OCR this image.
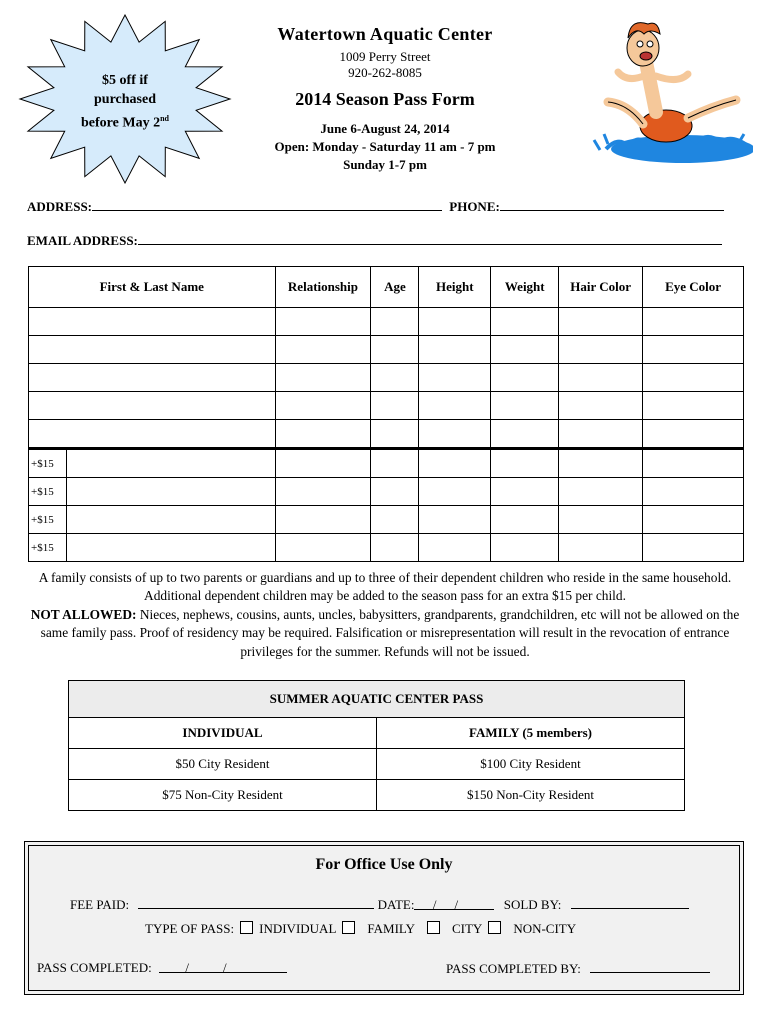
$5 off if
purchased
before May 2nd
Watertown Aquatic Center
1009 Perry Street
920-262-8085
2014 Season Pass Form
June 6-August 24, 2014
Open: Monday - Saturday 11 am - 7 pm
Sunday 1-7 pm
ADDRESS:	PHONE:
EMAIL ADDRESS:
First & Last Name		Relationship	Age	Height	Weight	Hair Color	Eye Color

+$15							
+$15							
+$15							
+$15							
A family consists of up to two parents or guardians and up to three of their dependent children who reside in the same household. Additional dependent children may be added to the season pass for an extra $15 per child.
NOT ALLOWED: Nieces, nephews, cousins, aunts, uncles, babysitters, grandparents, grandchildren, etc will not be allowed on the same family pass. Proof of residency may be required. Falsification or misrepresentation will result in the revocation of entrance privileges for the summer. Refunds will not be issued.
SUMMER AQUATIC CENTER PASS	
INDIVIDUAL	FAMILY (5 members)
$50 City Resident	$100 City Resident
$75 Non-City Resident	$150 Non-City Resident
For Office Use Only
FEE PAID:	DATE: // SOLD BY:
TYPE OF PASS: INDIVIDUAL FAMILY	CITY NON-CITY
PASS COMPLETED:	//	PASS COMPLETED BY:
